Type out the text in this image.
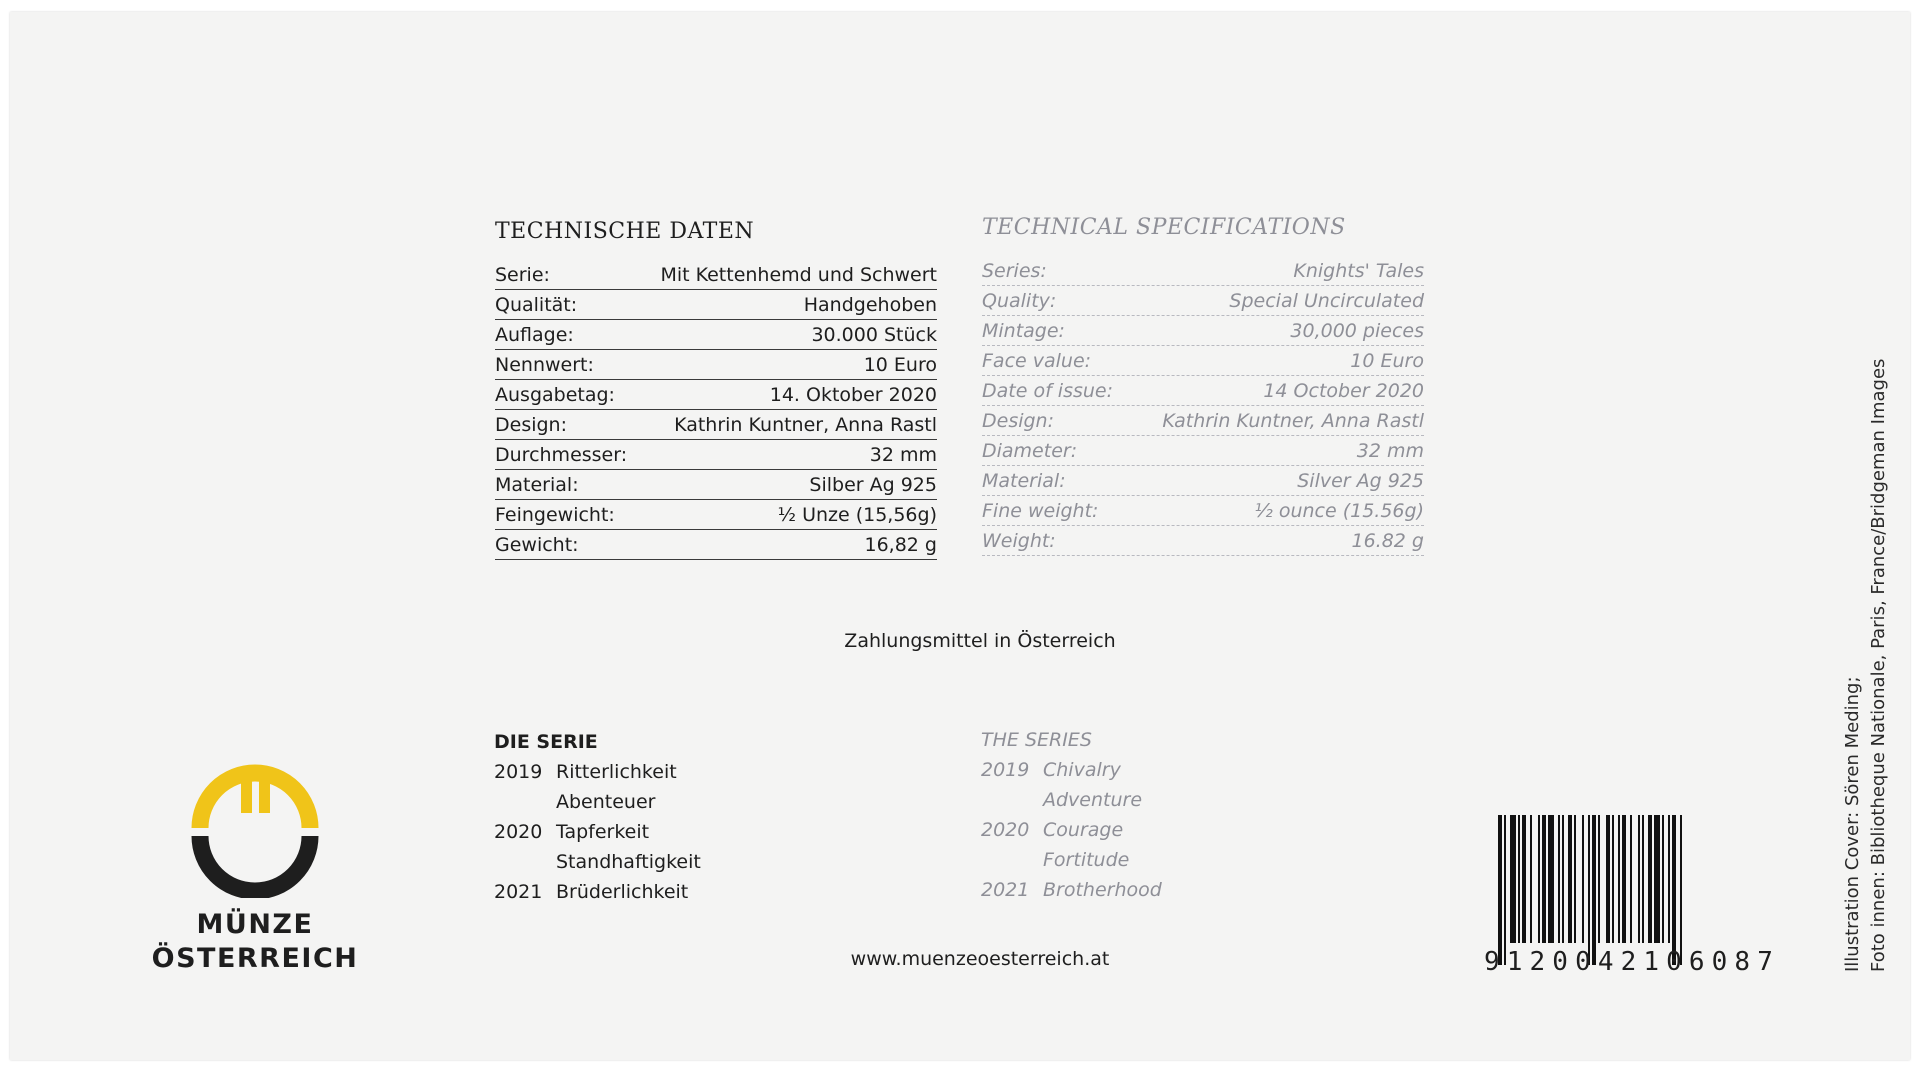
TECHNISCHE DATEN
Serie:	Mit Kettenhemd und Schwert
Qualität:	Handgehoben
Auflage:	30.000 Stück
Nennwert:	10 Euro
Ausgabetag:	14. Oktober 2020
Design:	Kathrin Kuntner, Anna Rastl
Durchmesser:	32 mm
Material:	Silber Ag 925
Feingewicht:	½ Unze (15,56g)
Gewicht:	16,82 g
TECHNICAL SPECIFICATIONS
Series:	Knights' Tales
Quality:	Special Uncirculated
Mintage:	30,000 pieces
Face value:	10 Euro
Date of issue:	14 October 2020
Design:	Kathrin Kuntner, Anna Rastl
Diameter:	32 mm
Material:	Silver Ag 925
Fine weight:	½ ounce (15.56g)
Weight:	16.82 g
Zahlungsmittel in Österreich
DIE SERIE
2019 Ritterlichkeit
Abenteuer
2020 Tapferkeit
Standhaftigkeit
2021 Brüderlichkeit
THE SERIES
2019 Chivalry
Adventure
2020 Courage
Fortitude
2021 Brotherhood
www.muenzeoesterreich.at
MÜNZE
ÖSTERREICH	9 1 2 0 0 4 2 1 0 6 0 8 7	Illustration Cover: Sören Meding; Foto innen: Bibliotheque Nationale, Paris, France/Bridgeman Images
